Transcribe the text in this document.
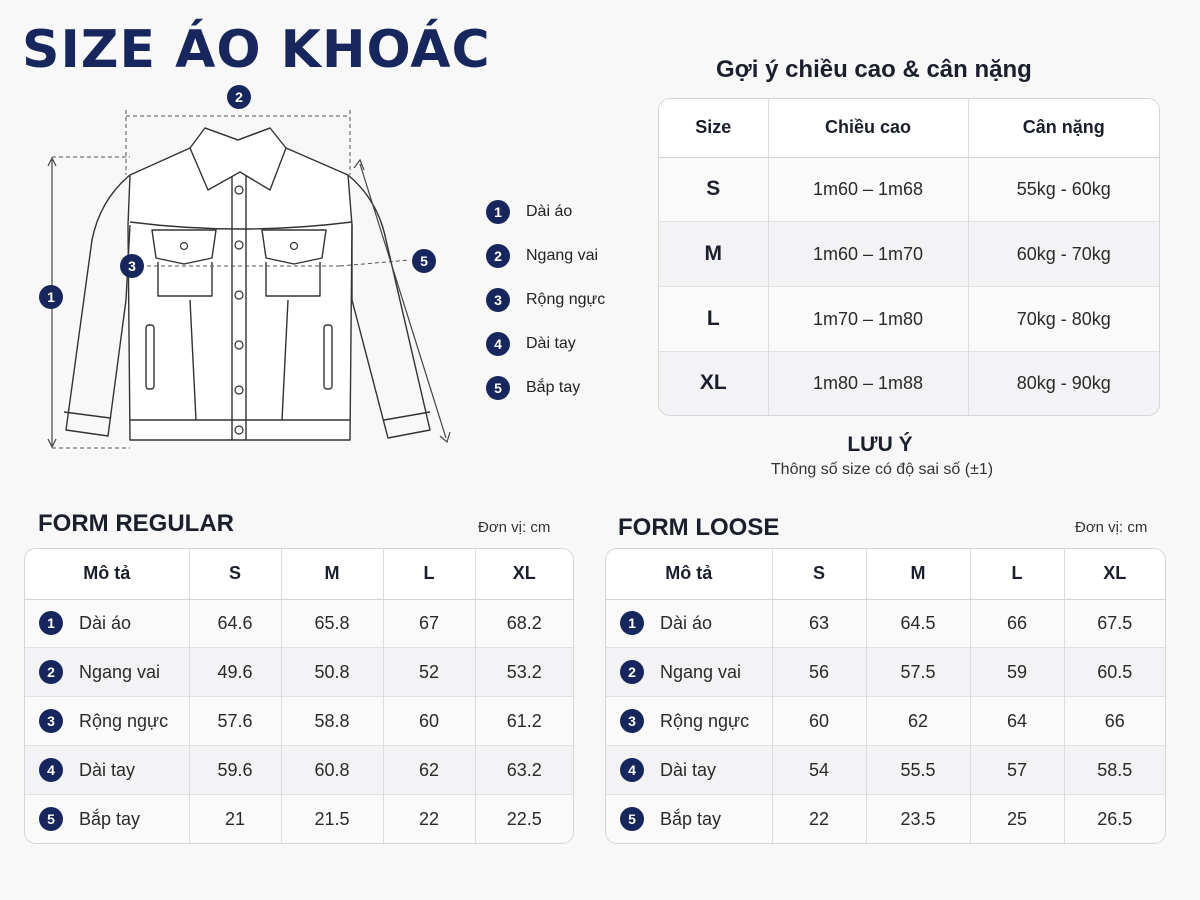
SIZE ÁO KHOÁC
1
2
3	5
1	Dài áo
2	Ngang vai
3	Rộng ngực
4	Dài tay
5	Bắp tay
Gợi ý chiều cao & cân nặng
Size	Chiều cao	Cân nặng
S	1m60 – 1m68	55kg - 60kg
M	1m60 – 1m70	60kg - 70kg
L	1m70 – 1m80	70kg - 80kg
XL	1m80 – 1m88	80kg - 90kg
LƯU Ý
Thông số size có độ sai số (±1)
FORM REGULAR	Đơn vị: cm
Mô tả	S	M	L	XL

1 Dài áo	64.6	65.8	67	68.2

2 Ngang vai	49.6	50.8	52	53.2

3 Rộng ngực	57.6	58.8	60	61.2

4 Dài tay	59.6	60.8	62	63.2

5 Bắp tay	21	21.5	22	22.5
FORM LOOSE	Đơn vị: cm
Mô tả	S	M	L	XL

1 Dài áo	63	64.5	66	67.5

2 Ngang vai	56	57.5	59	60.5

3 Rộng ngực	60	62	64	66

4 Dài tay	54	55.5	57	58.5

5 Bắp tay	22	23.5	25	26.5
